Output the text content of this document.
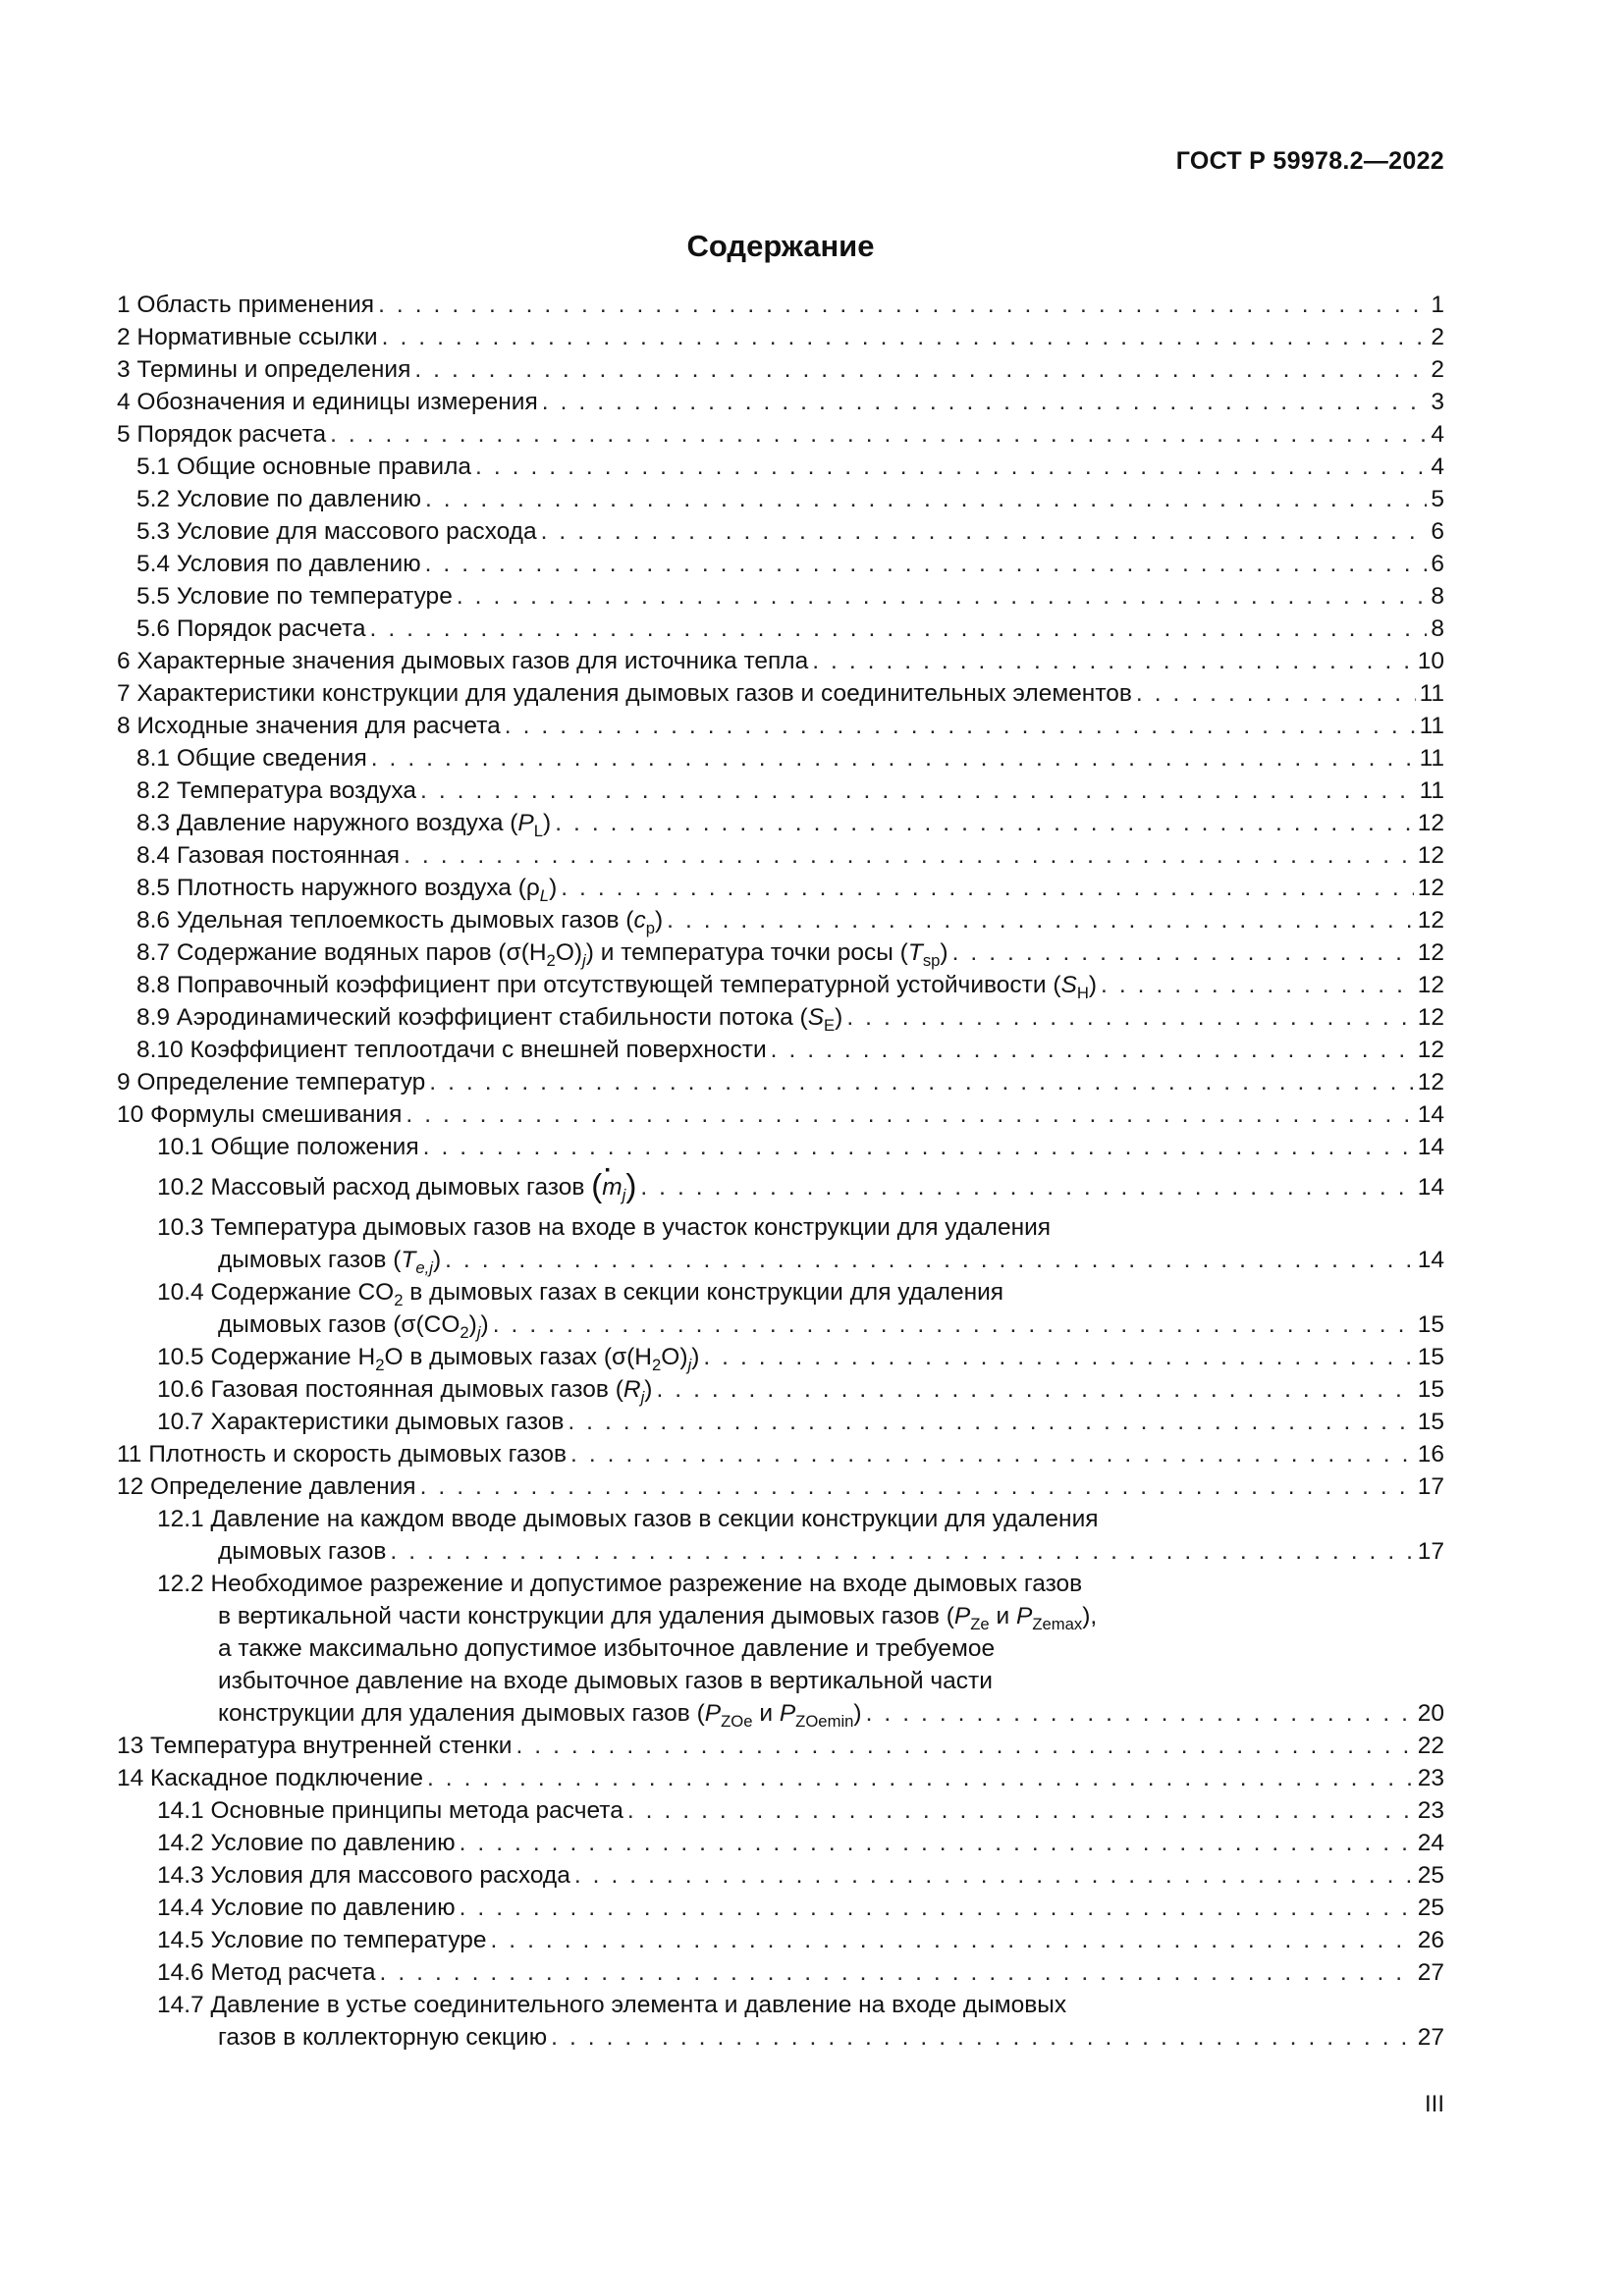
ГОСТ Р 59978.2—2022
Содержание
1 Область применения . . .	1
2 Нормативные ссылки . . .	2
3 Термины и определения . . .	2
4 Обозначения и единицы измерения . . .	3
5 Порядок расчета . . .	4
5.1 Общие основные правила . . .	4
5.2 Условие по давлению . . .	5
5.3 Условие для массового расхода . . .	6
5.4 Условия по давлению . . .	6
5.5 Условие по температуре . . .	8
5.6 Порядок расчета . . .	8
6 Характерные значения дымовых газов для источника тепла . . .	10
7 Характеристики конструкции для удаления дымовых газов и соединительных элементов . . .	11
8 Исходные значения для расчета . . .	11
8.1 Общие сведения . . .	11
8.2 Температура воздуха . . .	11
8.3 Давление наружного воздуха $(P_L)$ . . .	12
8.4 Газовая постоянная . . .	12
8.5 Плотность наружного воздуха $(\rho_L)$ . . .	12
8.6 Удельная теплоемкость дымовых газов $(c_p)$ . . .	12
8.7 Содержание водяных паров $(\sigma(H_2O)_j)$ и температура точки росы $(T_{sp})$ . . .	12
8.8 Поправочный коэффициент при отсутствующей температурной устойчивости $(S_H)$ . . .	12
8.9 Аэродинамический коэффициент стабильности потока $(S_E)$ . . .	12
8.10 Коэффициент теплоотдачи с внешней поверхности . . .	12
9 Определение температур . . .	12
10 Формулы смешивания . . .	14
10.1 Общие положения . . .	14
10.2 Массовый расход дымовых газов (· $m_j$) . . .	14
10.3 Температура дымовых газов на входе в участок конструкции для удаления
дымовых газов $(T_{e,j})$ . . .	14
10.4 Содержание $CO_2$ в дымовых газах в секции конструкции для удаления
дымовых газов $(\sigma(CO_2)_j)$ . . .	15
10.5 Содержание $H_2O$ в дымовых газах $(\sigma(H_2O)_j)$ . . .	15
10.6 Газовая постоянная дымовых газов $(R_j)$ . . .	15
10.7 Характеристики дымовых газов . . .	15
11 Плотность и скорость дымовых газов . . .	16
12 Определение давления . . .	17
12.1 Давление на каждом вводе дымовых газов в секции конструкции для удаления
дымовых газов . . .	17
12.2 Необходимое разрежение и допустимое разрежение на входе дымовых газов
в вертикальной части конструкции для удаления дымовых газов ($P_{Ze}$ и $P_{Zemax}$),
а также максимально допустимое избыточное давление и требуемое
избыточное давление на входе дымовых газов в вертикальной части
конструкции для удаления дымовых газов ($P_{ZOe}$ и $P_{ZOemin}$) . . .	20
13 Температура внутренней стенки . . .	22
14 Каскадное подключение . . .	23
14.1 Основные принципы метода расчета . . .	23
14.2 Условие по давлению . . .	24
14.3 Условия для массового расхода . . .	25
14.4 Условие по давлению . . .	25
14.5 Условие по температуре . . .	26
14.6 Метод расчета . . .	27
14.7 Давление в устье соединительного элемента и давление на входе дымовых
газов в коллекторную секцию . . .	27
III
